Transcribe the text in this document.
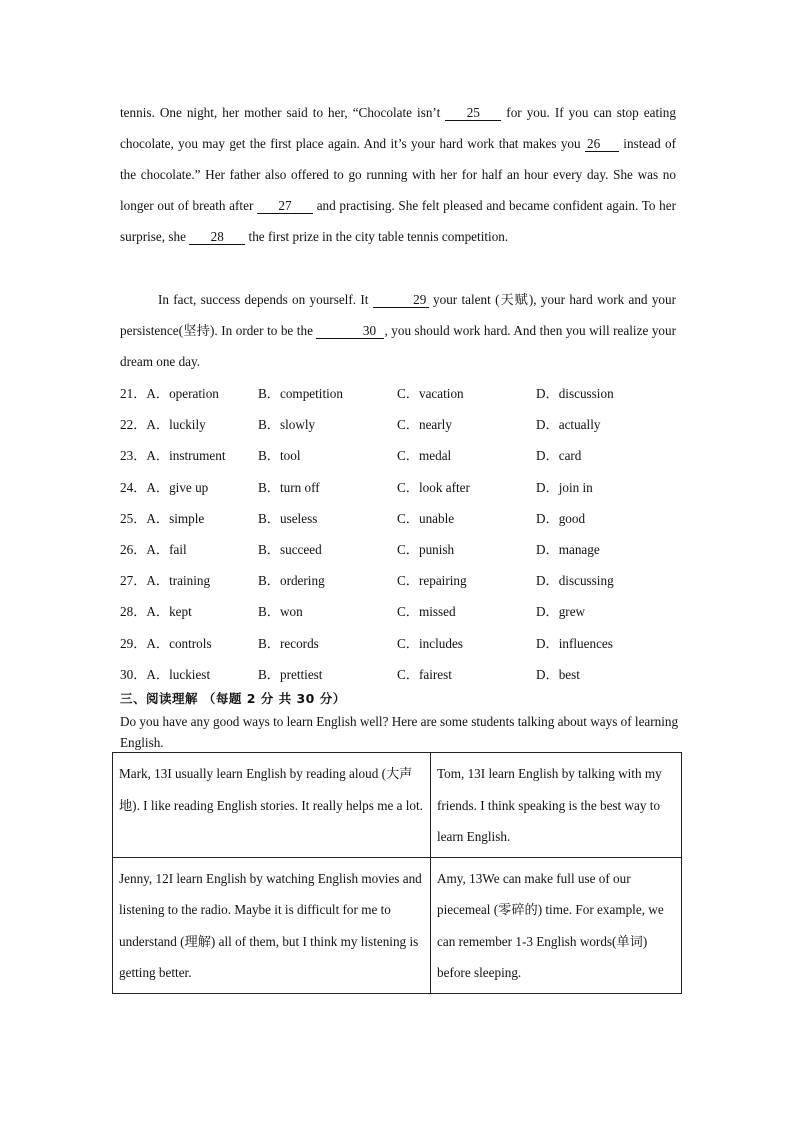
tennis. One night, her mother said to her, “Chocolate isn’t 25 for you. If you can stop eating chocolate, you may get the first place again. And it’s your hard work that makes you 26 instead of the chocolate.” Her father also offered to go running with her for half an hour every day. She was no longer out of breath after 27 and practising. She felt pleased and became confident again. To her surprise, she 28 the first prize in the city table tennis competition.

In fact, success depends on yourself. It	29 your talent (天赋), your hard work and your persistence(坚持). In order to be the	30 , you should work hard. And then you will realize your dream one day.

21．A．operation	B．competition	C．vacation	D．discussion
22．A．luckily	B．slowly	C．nearly	D．actually
23．A．instrument	B．tool	C．medal	D．card
24．A．give up	B．turn off	C．look after	D．join in
25．A．simple	B．useless	C．unable	D．good
26．A．fail	B．succeed	C．punish	D．manage
27．A．training	B．ordering	C．repairing	D．discussing
28．A．kept	B．won	C．missed	D．grew
29．A．controls	B．records	C．includes	D．influences
30．A．luckiest	B．prettiest	C．fairest	D．best
三、阅读理解 （每题 2 分 共 30 分）
Do you have any good ways to learn English well? Here are some students talking about ways of learning English.
Mark, 13I usually learn English by reading aloud (大声地). I like reading English stories. It really helps me a lot.	Tom, 13I learn English by talking with my friends. I think speaking is the best way to learn English.
Jenny, 12I learn English by watching English movies and listening to the radio. Maybe it is difficult for me to understand (理解) all of them, but I think my listening is getting better.	Amy, 13We can make full use of our piecemeal (零碎的) time. For example, we can remember 1-3 English words(单词) before sleeping.
